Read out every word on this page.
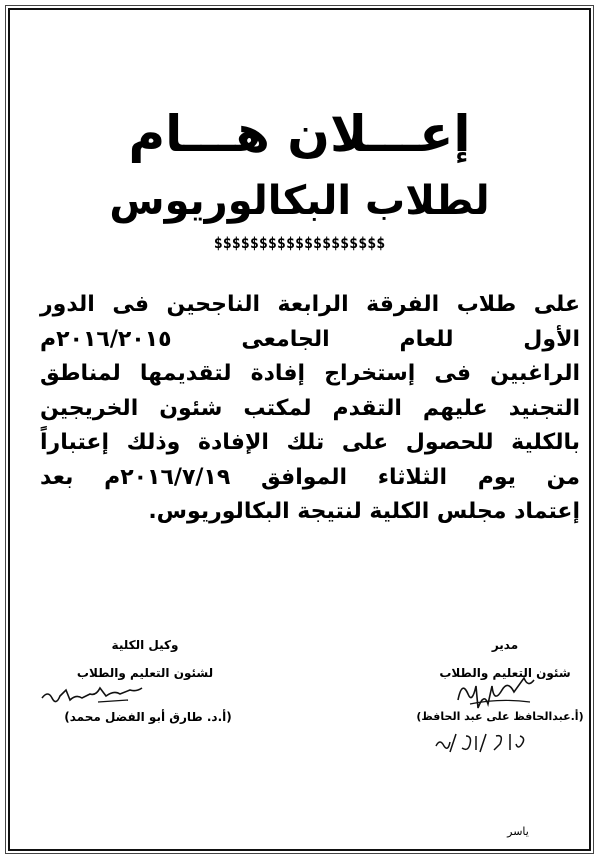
إعـــلان هـــام
لطلاب البكالوريوس
$$$$$$$$$$$$$$$$$$$
على طلاب الفرقة الرابعة الناجحين فى الدور
الأول للعام الجامعى ٢٠١٦/٢٠١٥م
الراغبين فى إستخراج إفادة لتقديمها لمناطق
التجنيد عليهم التقدم لمكتب شئون الخريجين
بالكلية للحصول على تلك الإفادة وذلك إعتباراً
من يوم الثلاثاء الموافق ٢٠١٦/٧/١٩م بعد
إعتماد مجلس الكلية لنتيجة البكالوريوس.
وكيل الكلية
لشئون التعليم والطلاب
(أ.د. طارق أبو الفضل محمد)
مدير
شئون التعليم والطلاب
(أ.عبدالحافظ على عبد الحافظ)
ياسر
